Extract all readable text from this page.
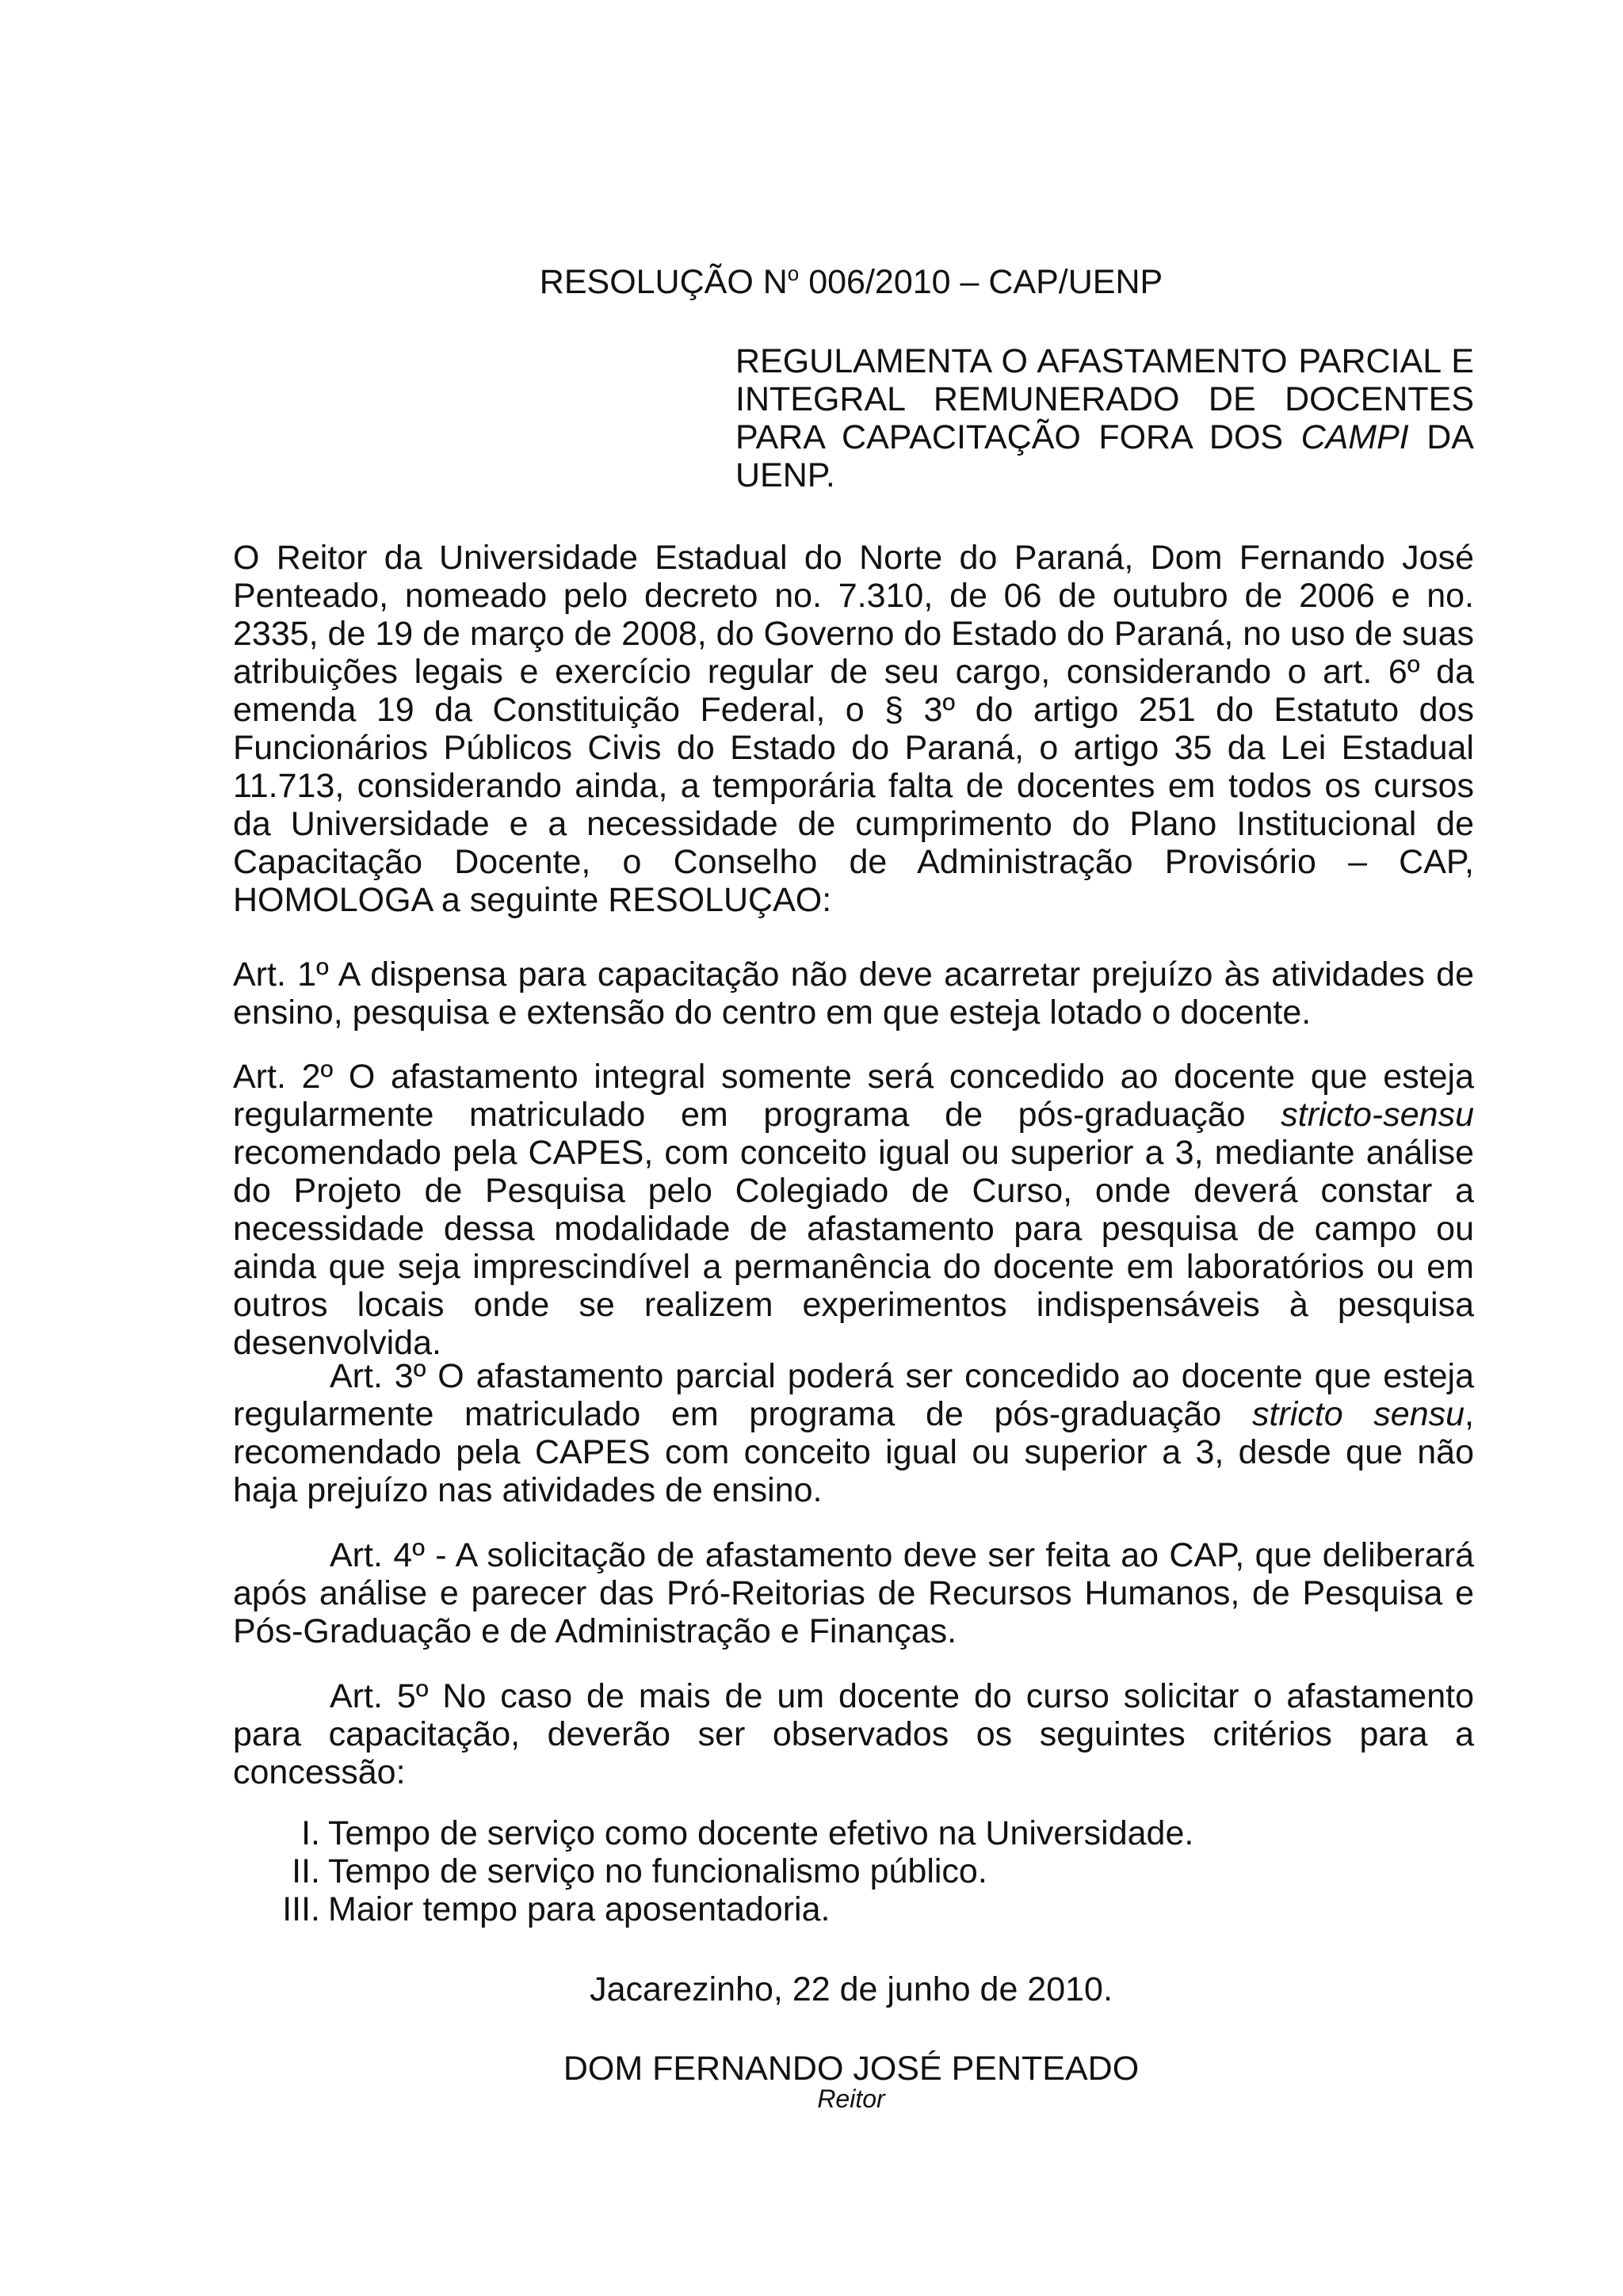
RESOLUÇÃO $N^o$ 006/2010 – CAP/UENP
REGULAMENTA O AFASTAMENTO PARCIAL E INTEGRAL REMUNERADO DE DOCENTES PARA CAPACITAÇÃO FORA DOS CAMPI DA UENP.
O Reitor da Universidade Estadual do Norte do Paraná, Dom Fernando José Penteado, nomeado pelo decreto no. 7.310, de 06 de outubro de 2006 e no. 2335, de 19 de março de 2008, do Governo do Estado do Paraná, no uso de suas atribuições legais e exercício regular de seu cargo, considerando o art. 6º da emenda 19 da Constituição Federal, o § 3º do artigo 251 do Estatuto dos Funcionários Públicos Civis do Estado do Paraná, o artigo 35 da Lei Estadual 11.713, considerando ainda, a temporária falta de docentes em todos os cursos da Universidade e a necessidade de cumprimento do Plano Institucional de Capacitação Docente, o Conselho de Administração Provisório – CAP, HOMOLOGA a seguinte RESOLUÇAO:
Art. 1º A dispensa para capacitação não deve acarretar prejuízo às atividades de ensino, pesquisa e extensão do centro em que esteja lotado o docente.
Art. 2º O afastamento integral somente será concedido ao docente que esteja regularmente matriculado em programa de pós-graduação stricto-sensu recomendado pela CAPES, com conceito igual ou superior a 3, mediante análise do Projeto de Pesquisa pelo Colegiado de Curso, onde deverá constar a necessidade dessa modalidade de afastamento para pesquisa de campo ou ainda que seja imprescindível a permanência do docente em laboratórios ou em outros locais onde se realizem experimentos indispensáveis à pesquisa desenvolvida.
Art. 3º O afastamento parcial poderá ser concedido ao docente que esteja regularmente matriculado em programa de pós-graduação stricto sensu, recomendado pela CAPES com conceito igual ou superior a 3, desde que não haja prejuízo nas atividades de ensino.
Art. 4º - A solicitação de afastamento deve ser feita ao CAP, que deliberará após análise e parecer das Pró-Reitorias de Recursos Humanos, de Pesquisa e Pós-Graduação e de Administração e Finanças.
Art. 5º No caso de mais de um docente do curso solicitar o afastamento para capacitação, deverão ser observados os seguintes critérios para a concessão:
I. Tempo de serviço como docente efetivo na Universidade.
II. Tempo de serviço no funcionalismo público.
III. Maior tempo para aposentadoria.
Jacarezinho, 22 de junho de 2010.
DOM FERNANDO JOSÉ PENTEADO
Reitor
